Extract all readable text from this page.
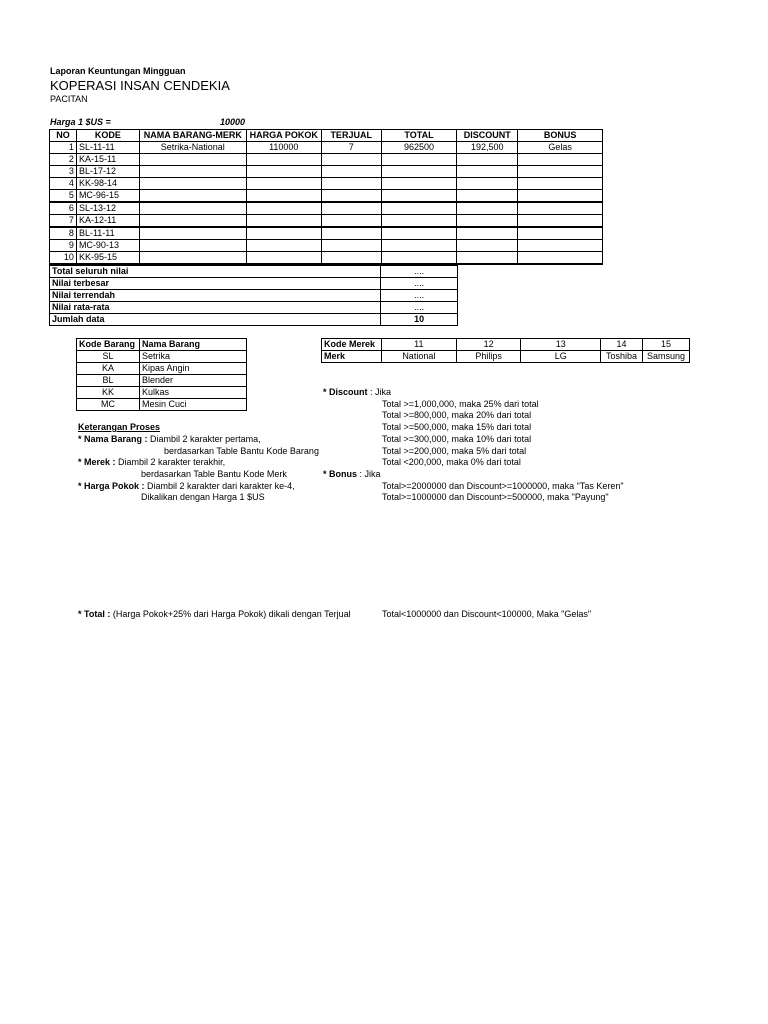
Laporan Keuntungan Mingguan
KOPERASI INSAN CENDEKIA
PACITAN
Harga 1 $US =	10000
NO	KODE	NAMA BARANG-MERK	HARGA POKOK	TERJUAL	TOTAL	DISCOUNT	BONUS
1	SL-11-11	Setrika-National	110000	7	962500	192,500	Gelas
2	KA-15-11						
3	BL-17-12						
4	KK-98-14						
5	MC-96-15						
6	SL-13-12						
7	KA-12-11						
8	BL-11-11						
9	MC-90-13						
10	KK-95-15						
Total seluruh nilai	....
Nilai terbesar	....
Nilai terrendah	....
Nilai rata-rata	....
Jumlah data	10
Kode Barang	Nama Barang
SL	Setrika
KA	Kipas Angin
BL	Blender
KK	Kulkas
MC	Mesin Cuci
Kode Merek	11	12	13	14	15
Merk	National	Philips	LG	Toshiba	Samsung
* Discount : Jika
Total >=1,000,000, maka 25% dari total
Total >=800,000, maka 20% dari total
Total >=500,000, maka 15% dari total
Total >=300,000, maka 10% dari total
Total >=200,000, maka 5% dari total
Total <200,000, maka 0% dari total
* Bonus : Jika
Total>=2000000 dan Discount>=1000000, maka "Tas Keren"
Total>=1000000 dan Discount>=500000, maka "Payung"
Total<1000000 dan Discount<100000, Maka "Gelas"
Keterangan Proses
* Nama Barang : Diambil 2 karakter pertama,
berdasarkan Table Bantu Kode Barang
* Merek : Diambil 2 karakter terakhir,
berdasarkan Table Bantu Kode Merk
* Harga Pokok : Diambil 2 karakter dari karakter ke-4,
Dikalikan dengan Harga 1 $US
* Total : (Harga Pokok+25% dari Harga Pokok) dikali dengan Terjual
